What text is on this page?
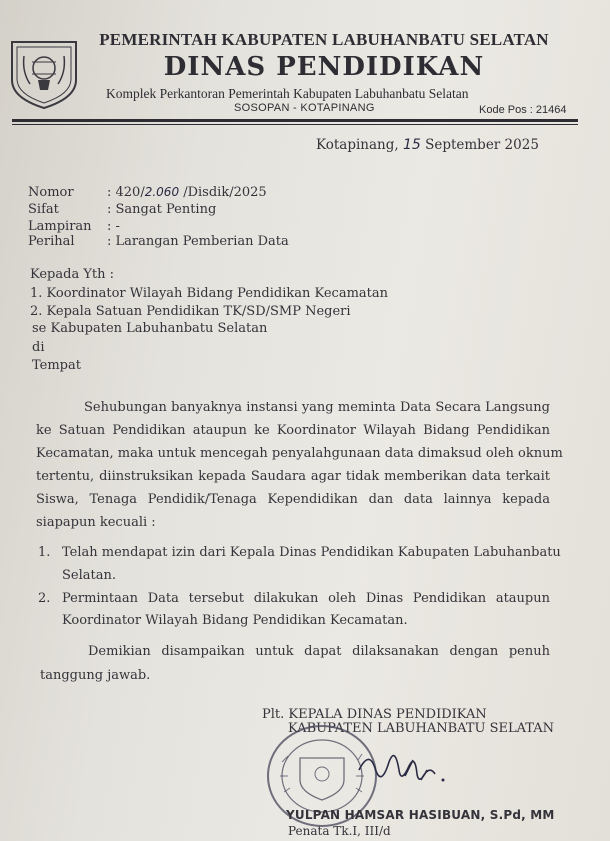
PEMERINTAH KABUPATEN LABUHANBATU SELATAN
DINAS PENDIDIKAN
Komplek Perkantoran Pemerintah Kabupaten Labuhanbatu Selatan
SOSOPAN - KOTAPINANG	Kode Pos : 21464
Kotapinang, 15 September 2025
Nomor	: 420/2.060 /Disdik/2025
Sifat	: Sangat Penting
Lampiran : -
Perihal : Larangan Pemberian Data
Kepada Yth :
1. Koordinator Wilayah Bidang Pendidikan Kecamatan
2. Kepala Satuan Pendidikan TK/SD/SMP Negeri
se Kabupaten Labuhanbatu Selatan
di
Tempat
Sehubungan banyaknya instansi yang meminta Data Secara Langsung
ke Satuan Pendidikan ataupun ke Koordinator Wilayah Bidang Pendidikan
Kecamatan, maka untuk mencegah penyalahgunaan data dimaksud oleh oknum
tertentu, diinstruksikan kepada Saudara agar tidak memberikan data terkait
Siswa, Tenaga Pendidik/Tenaga Kependidikan dan data lainnya kepada
siapapun kecuali :
1. Telah mendapat izin dari Kepala Dinas Pendidikan Kabupaten Labuhanbatu
Selatan.
2. Permintaan Data tersebut dilakukan oleh Dinas Pendidikan ataupun
Koordinator Wilayah Bidang Pendidikan Kecamatan.
Demikian disampaikan untuk dapat dilaksanakan dengan penuh
tanggung jawab.
Plt. KEPALA DINAS PENDIDIKAN
KABUPATEN LABUHANBATU SELATAN
YULPAN HAMSAR HASIBUAN, S.Pd, MM
Penata Tk.I, III/d
